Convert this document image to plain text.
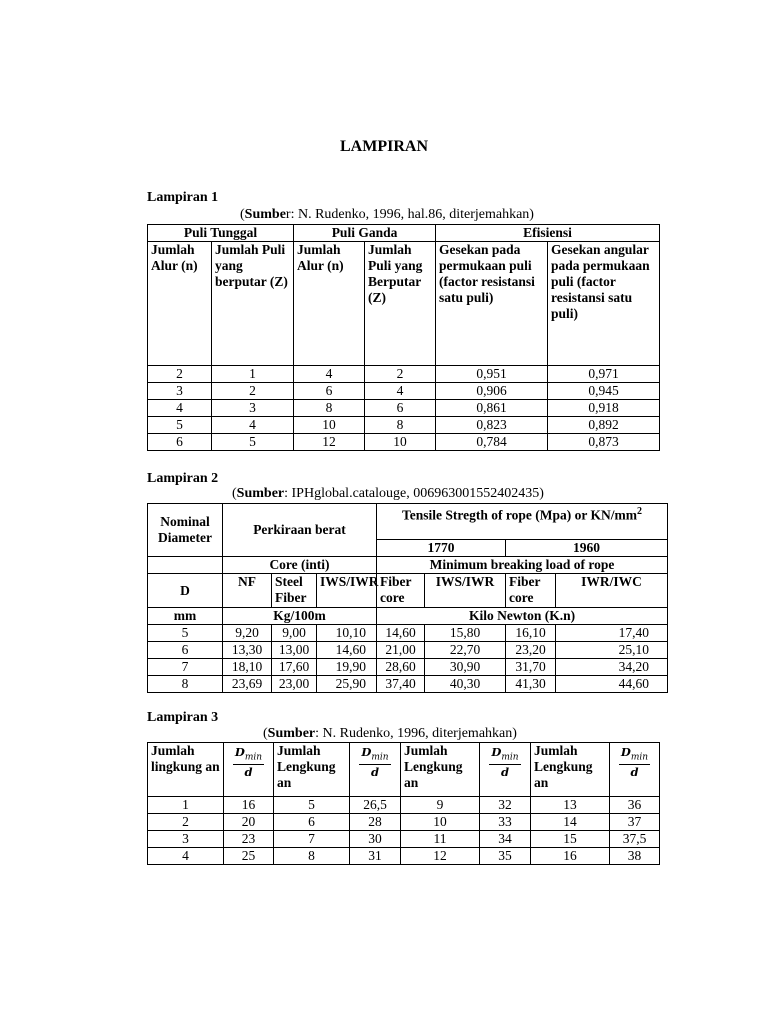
LAMPIRAN
Lampiran 1
(Sumber: N. Rudenko, 1996, hal.86, diterjemahkan)
Puli Tunggal		Puli Ganda		Efisiensi	
Jumlah Alur (n)	Jumlah Puli yang berputar (Z)	Jumlah Alur (n)	Jumlah Puli yang Berputar (Z)	Gesekan pada permukaan puli (factor resistansi satu puli)	Gesekan angular pada permukaan puli (factor resistansi satu puli)
2	1	4	2	0,951	0,971
3	2	6	4	0,906	0,945
4	3	8	6	0,861	0,918
5	4	10	8	0,823	0,892
6	5	12	10	0,784	0,873
Lampiran 2
(Sumber: IPHglobal.catalouge, 006963001552402435)
Nominal Diameter	Perkiraan berat			Tensile Stregth of rope (Mpa) or $KN/mm^2$
				1770		1960	
	Core (inti)			Minimum breaking load of rope			
D	NF	Steel Fiber	IWS/IWR	Fiber core	IWS/IWR	Fiber core	IWR/IWC
mm	Kg/100m			Kilo Newton (K.n)			
5	9,20	9,00	10,10	14,60	15,80	16,10	17,40
6	13,30	13,00	14,60	21,00	22,70	23,20	25,10
7	18,10	17,60	19,90	28,60	30,90	31,70	34,20
8	23,69	23,00	25,90	37,40	40,30	41,30	44,60
Lampiran 3
(Sumber: N. Rudenko, 1996, diterjemahkan)
Jumlah lingkung an	$\frac{D_{min}}{d}$	Jumlah Lengkung an	$\frac{D_{min}}{d}$	Jumlah Lengkung an	$\frac{D_{min}}{d}$	Jumlah Lengkung an	$\frac{D_{min}}{d}$

1	16	5	26,5	9	32	13	36
2	20	6	28	10	33	14	37
3	23	7	30	11	34	15	37,5
4	25	8	31	12	35	16	38
